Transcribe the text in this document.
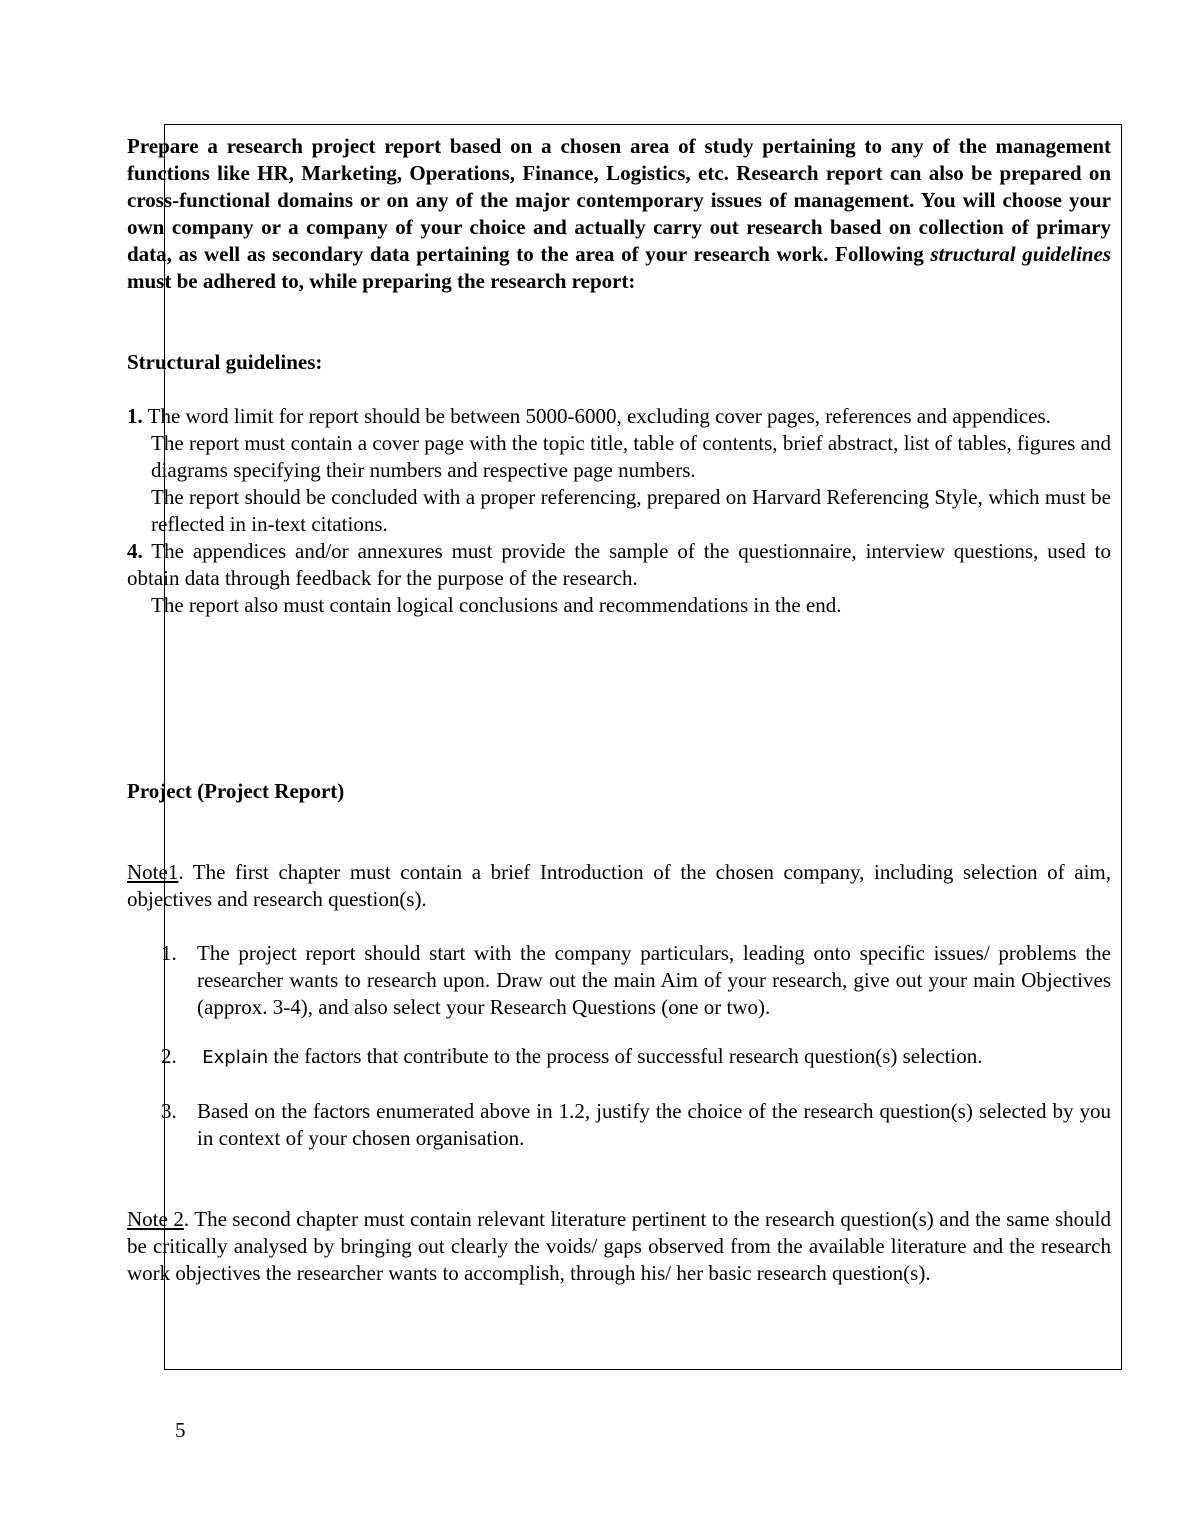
Prepare a research project report based on a chosen area of study pertaining to any of the management functions like HR, Marketing, Operations, Finance, Logistics, etc. Research report can also be prepared on cross-functional domains or on any of the major contemporary issues of management. You will choose your own company or a company of your choice and actually carry out research based on collection of primary data, as well as secondary data pertaining to the area of your research work. Following structural guidelines must be adhered to, while preparing the research report:

Structural guidelines:

1. The word limit for report should be between 5000-6000, excluding cover pages, references and appendices.

The report must contain a cover page with the topic title, table of contents, brief abstract, list of tables, figures and diagrams specifying their numbers and respective page numbers.

The report should be concluded with a proper referencing, prepared on Harvard Referencing Style, which must be reflected in in-text citations.

4. The appendices and/or annexures must provide the sample of the questionnaire, interview questions, used to obtain data through feedback for the purpose of the research.

The report also must contain logical conclusions and recommendations in the end.

Project (Project Report)

Note1. The first chapter must contain a brief Introduction of the chosen company, including selection of aim, objectives and research question(s).

1. The project report should start with the company particulars, leading onto specific issues/ problems the researcher wants to research upon. Draw out the main Aim of your research, give out your main Objectives (approx. 3-4), and also select your Research Questions (one or two).
2. Explain the factors that contribute to the process of successful research question(s) selection.
3. Based on the factors enumerated above in 1.2, justify the choice of the research question(s) selected by you in context of your chosen organisation.

Note 2. The second chapter must contain relevant literature pertinent to the research question(s) and the same should be critically analysed by bringing out clearly the voids/ gaps observed from the available literature and the research work objectives the researcher wants to accomplish, through his/ her basic research question(s).

5
